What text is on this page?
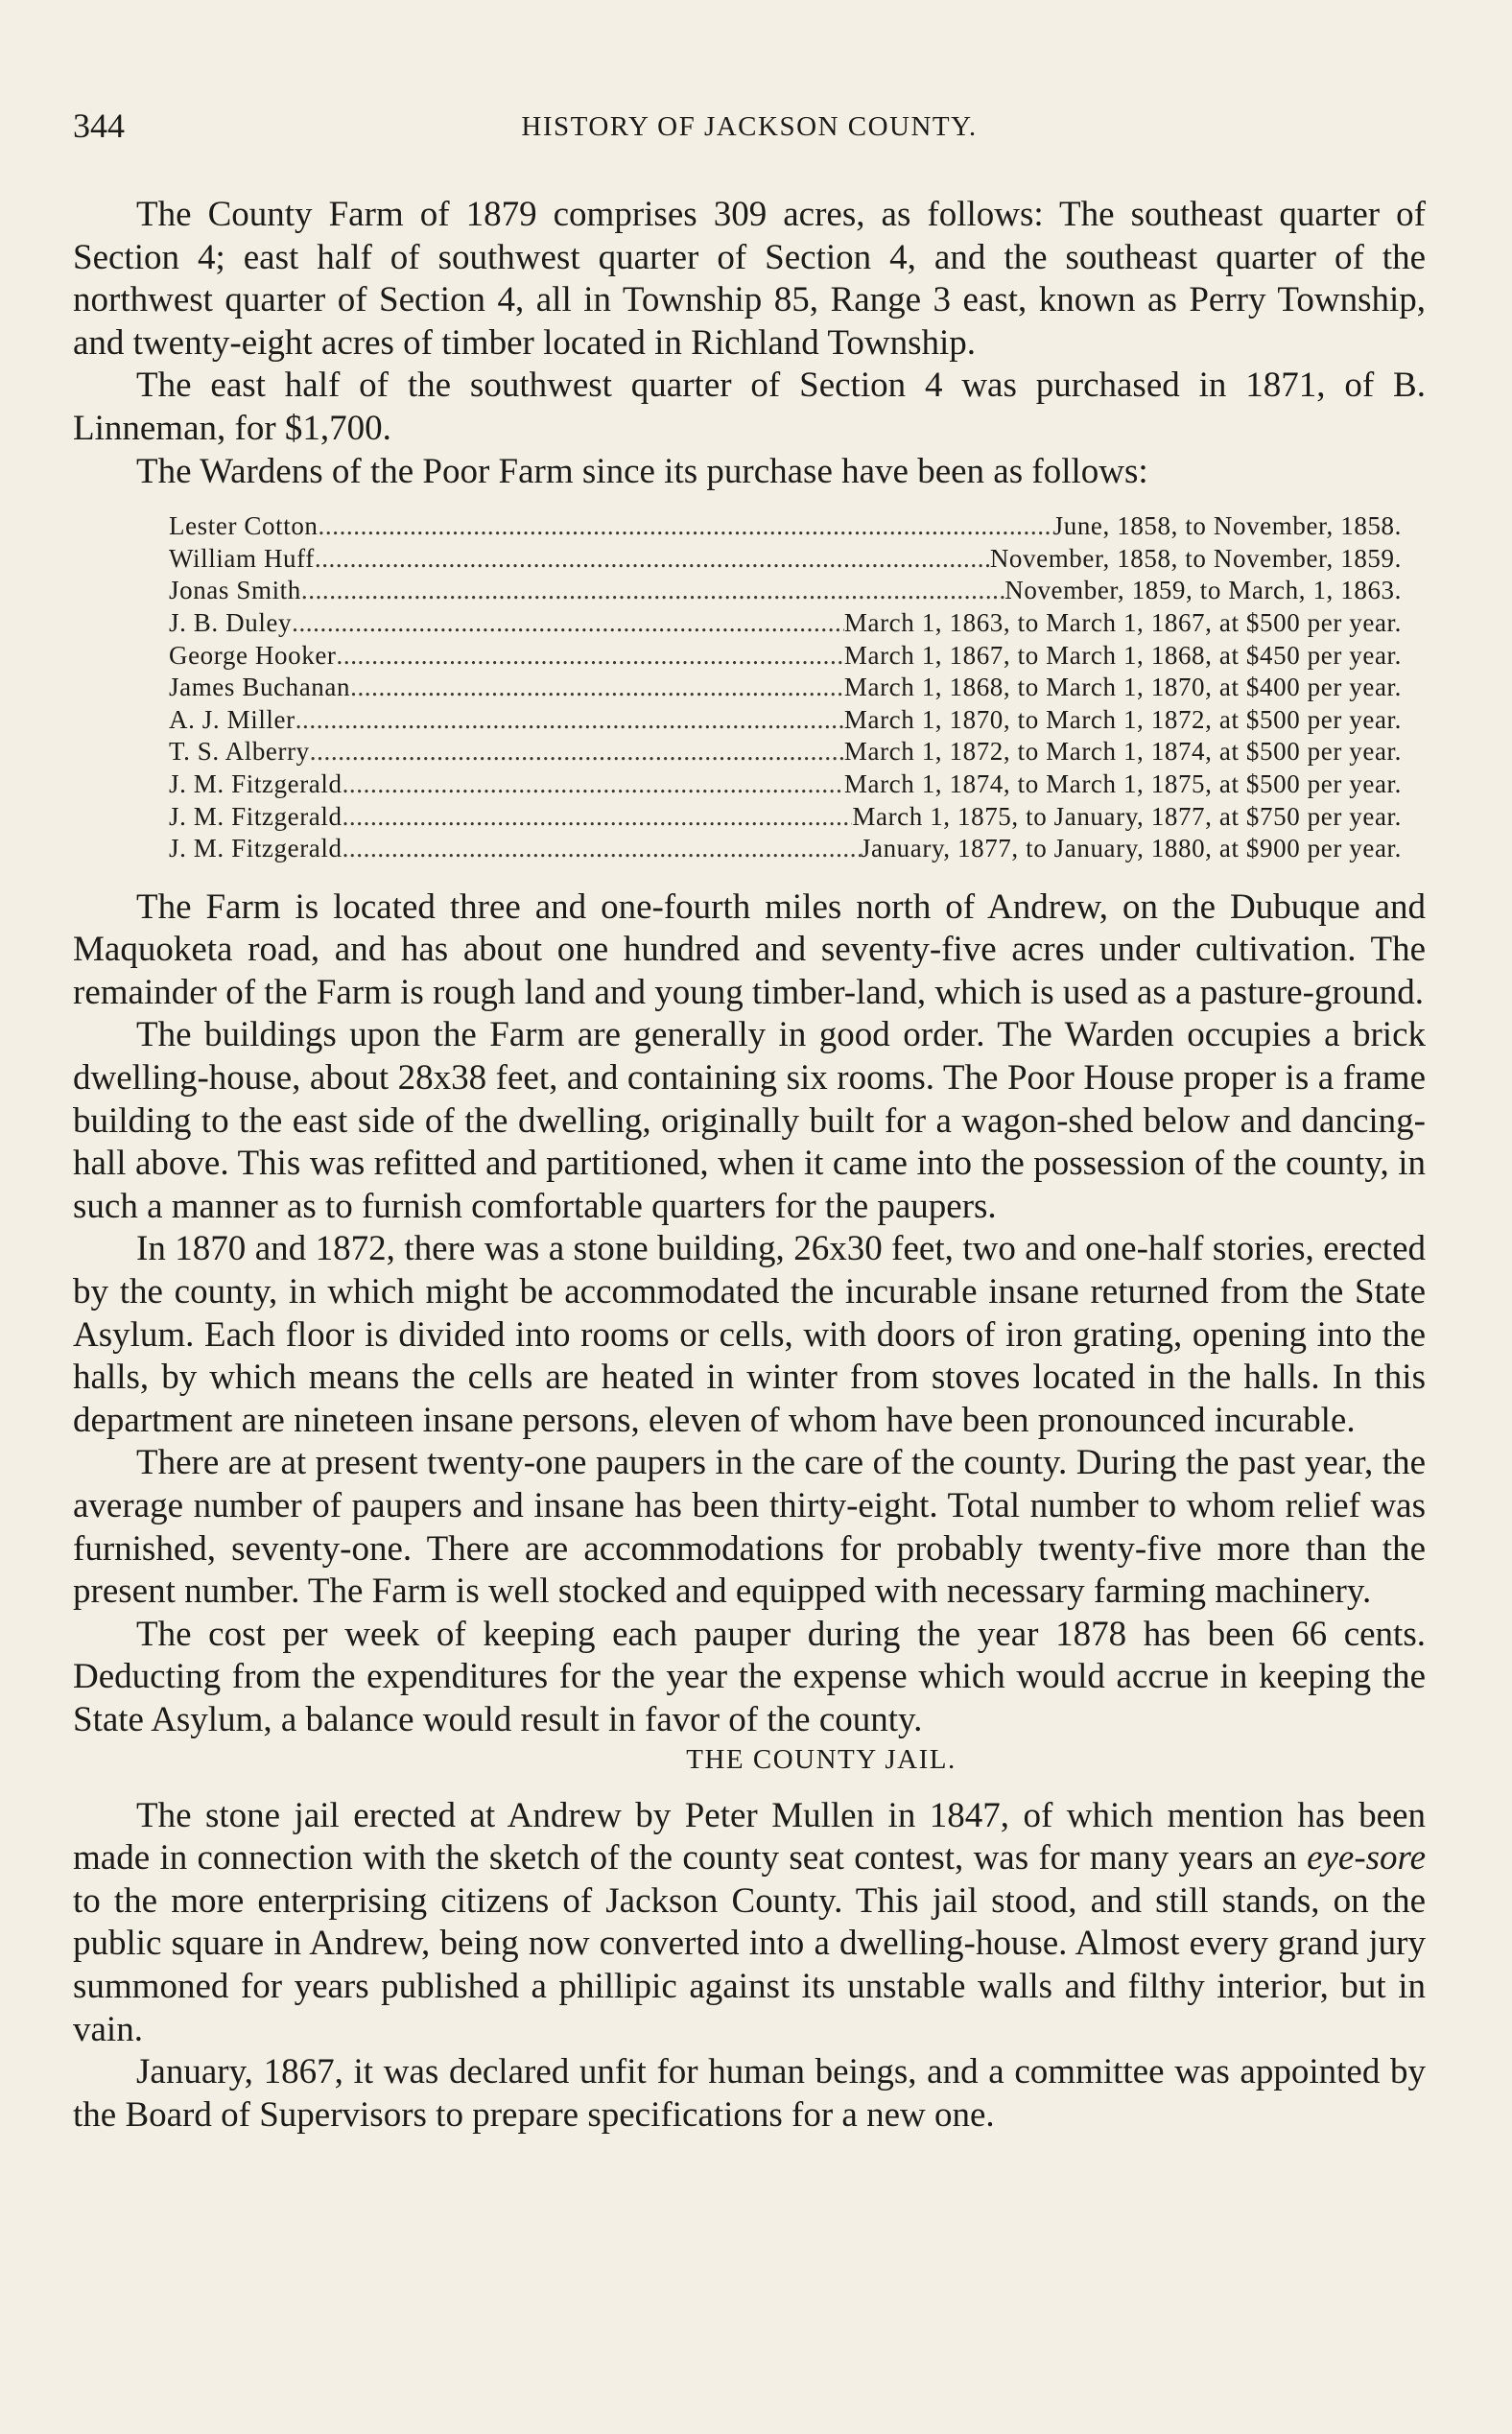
344	HISTORY OF JACKSON COUNTY.

The County Farm of 1879 comprises 309 acres, as follows: The southeast quarter of Section 4; east half of southwest quarter of Section 4, and the southeast quarter of the northwest quarter of Section 4, all in Township 85, Range 3 east, known as Perry Township, and twenty-eight acres of timber located in Richland Township.

The east half of the southwest quarter of Section 4 was purchased in 1871, of B. Linneman, for $1,700.

The Wardens of the Poor Farm since its purchase have been as follows:

Lester Cotton .....	June, 1858, to November, 1858.
William Huff .....	November, 1858, to November, 1859.
Jonas Smith .....	November, 1859, to March, 1, 1863.
J. B. Duley .....	March 1, 1863, to March 1, 1867, at $500 per year.
George Hooker .....	March 1, 1867, to March 1, 1868, at $450 per year.
James Buchanan .....	March 1, 1868, to March 1, 1870, at $400 per year.
A. J. Miller .....	March 1, 1870, to March 1, 1872, at $500 per year.
T. S. Alberry .....	March 1, 1872, to March 1, 1874, at $500 per year.
J. M. Fitzgerald .....	March 1, 1874, to March 1, 1875, at $500 per year.
J. M. Fitzgerald .....	March 1, 1875, to January, 1877, at $750 per year.
J. M. Fitzgerald .....	January, 1877, to January, 1880, at $900 per year.

The Farm is located three and one-fourth miles north of Andrew, on the Dubuque and Maquoketa road, and has about one hundred and seventy-five acres under cultivation. The remainder of the Farm is rough land and young timber-land, which is used as a pasture-ground.

The buildings upon the Farm are generally in good order. The Warden occupies a brick dwelling-house, about 28x38 feet, and containing six rooms. The Poor House proper is a frame building to the east side of the dwelling, originally built for a wagon-shed below and dancing-hall above. This was refitted and partitioned, when it came into the possession of the county, in such a manner as to furnish comfortable quarters for the paupers.

In 1870 and 1872, there was a stone building, 26x30 feet, two and one-half stories, erected by the county, in which might be accommodated the incurable insane returned from the State Asylum. Each floor is divided into rooms or cells, with doors of iron grating, opening into the halls, by which means the cells are heated in winter from stoves located in the halls. In this department are nineteen insane persons, eleven of whom have been pronounced incurable.

There are at present twenty-one paupers in the care of the county. During the past year, the average number of paupers and insane has been thirty-eight. Total number to whom relief was furnished, seventy-one. There are accommodations for probably twenty-five more than the present number. The Farm is well stocked and equipped with necessary farming machinery.

The cost per week of keeping each pauper during the year 1878 has been 66 cents. Deducting from the expenditures for the year the expense which would accrue in keeping the State Asylum, a balance would result in favor of the county.

THE COUNTY JAIL.

The stone jail erected at Andrew by Peter Mullen in 1847, of which mention has been made in connection with the sketch of the county seat contest, was for many years an eye-sore to the more enterprising citizens of Jackson County. This jail stood, and still stands, on the public square in Andrew, being now converted into a dwelling-house. Almost every grand jury summoned for years published a phillipic against its unstable walls and filthy interior, but in vain.

January, 1867, it was declared unfit for human beings, and a committee was appointed by the Board of Supervisors to prepare specifications for a new one.
